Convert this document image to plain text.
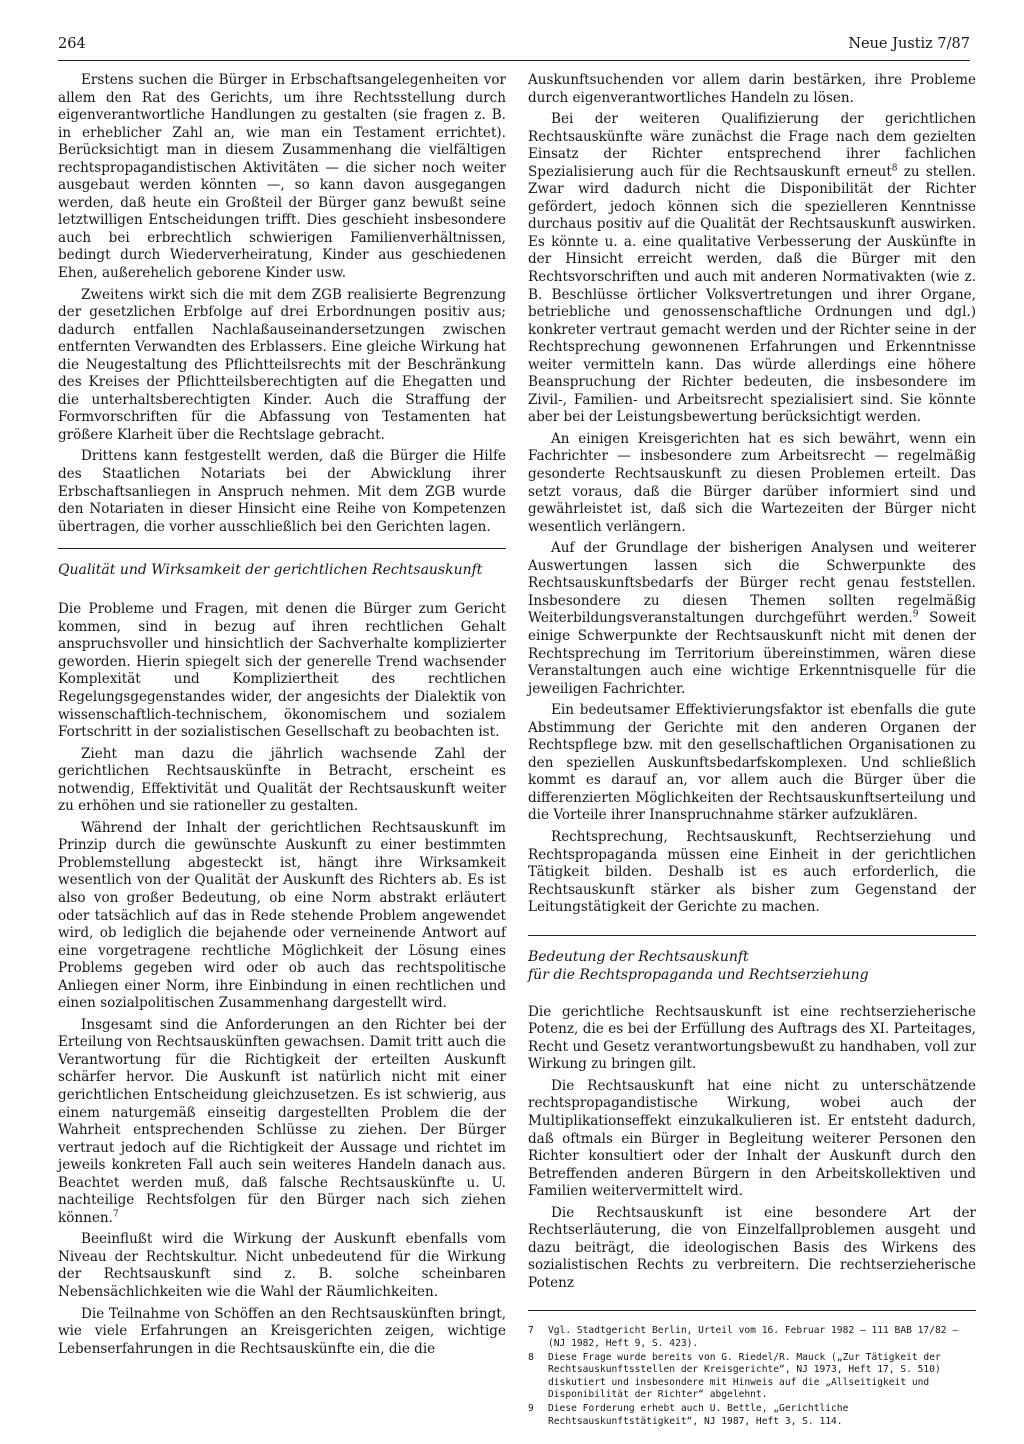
264	Neue Justiz 7/87

Erstens suchen die Bürger in Erbschaftsangelegenheiten vor allem den Rat des Gerichts, um ihre Rechtsstellung durch eigenverantwortliche Handlungen zu gestalten (sie fragen z. B. in erheblicher Zahl an, wie man ein Testament errichtet). Berücksichtigt man in diesem Zusammenhang die vielfältigen rechtspropagandistischen Aktivitäten — die sicher noch weiter ausgebaut werden könnten —, so kann davon ausgegangen werden, daß heute ein Großteil der Bürger ganz bewußt seine letztwilligen Entscheidungen trifft. Dies geschieht insbesondere auch bei erbrechtlich schwierigen Familienverhältnissen, bedingt durch Wiederverheiratung, Kinder aus geschiedenen Ehen, außerehelich geborene Kinder usw.

Zweitens wirkt sich die mit dem ZGB realisierte Begrenzung der gesetzlichen Erbfolge auf drei Erbordnungen positiv aus; dadurch entfallen Nachlaßauseinandersetzungen zwischen entfernten Verwandten des Erblassers. Eine gleiche Wirkung hat die Neugestaltung des Pflichtteilsrechts mit der Beschränkung des Kreises der Pflichtteilsberechtigten auf die Ehegatten und die unterhaltsberechtigten Kinder. Auch die Straffung der Formvorschriften für die Abfassung von Testamenten hat größere Klarheit über die Rechtslage gebracht.

Drittens kann festgestellt werden, daß die Bürger die Hilfe des Staatlichen Notariats bei der Abwicklung ihrer Erbschaftsanliegen in Anspruch nehmen. Mit dem ZGB wurde den Notariaten in dieser Hinsicht eine Reihe von Kompetenzen übertragen, die vorher ausschließlich bei den Gerichten lagen.

Qualität und Wirksamkeit der gerichtlichen Rechtsauskunft

Die Probleme und Fragen, mit denen die Bürger zum Gericht kommen, sind in bezug auf ihren rechtlichen Gehalt anspruchsvoller und hinsichtlich der Sachverhalte komplizierter geworden. Hierin spiegelt sich der generelle Trend wachsender Komplexität und Kompliziertheit des rechtlichen Regelungsgegenstandes wider, der angesichts der Dialektik von wissenschaftlich-technischem, ökonomischem und sozialem Fortschritt in der sozialistischen Gesellschaft zu beobachten ist.

Zieht man dazu die jährlich wachsende Zahl der gerichtlichen Rechtsauskünfte in Betracht, erscheint es notwendig, Effektivität und Qualität der Rechtsauskunft weiter zu erhöhen und sie rationeller zu gestalten.

Während der Inhalt der gerichtlichen Rechtsauskunft im Prinzip durch die gewünschte Auskunft zu einer bestimmten Problemstellung abgesteckt ist, hängt ihre Wirksamkeit wesentlich von der Qualität der Auskunft des Richters ab. Es ist also von großer Bedeutung, ob eine Norm abstrakt erläutert oder tatsächlich auf das in Rede stehende Problem angewendet wird, ob lediglich die bejahende oder verneinende Antwort auf eine vorgetragene rechtliche Möglichkeit der Lösung eines Problems gegeben wird oder ob auch das rechtspolitische Anliegen einer Norm, ihre Einbindung in einen rechtlichen und einen sozialpolitischen Zusammenhang dargestellt wird.

Insgesamt sind die Anforderungen an den Richter bei der Erteilung von Rechtsauskünften gewachsen. Damit tritt auch die Verantwortung für die Richtigkeit der erteilten Auskunft schärfer hervor. Die Auskunft ist natürlich nicht mit einer gerichtlichen Entscheidung gleichzusetzen. Es ist schwierig, aus einem naturgemäß einseitig dargestellten Problem die der Wahrheit entsprechenden Schlüsse zu ziehen. Der Bürger vertraut jedoch auf die Richtigkeit der Aussage und richtet im jeweils konkreten Fall auch sein weiteres Handeln danach aus. Beachtet werden muß, daß falsche Rechtsauskünfte u. U. nachteilige Rechtsfolgen für den Bürger nach sich ziehen können.$^7$

Beeinflußt wird die Wirkung der Auskunft ebenfalls vom Niveau der Rechtskultur. Nicht unbedeutend für die Wirkung der Rechtsauskunft sind z. B. solche scheinbaren Nebensächlichkeiten wie die Wahl der Räumlichkeiten.

Die Teilnahme von Schöffen an den Rechtsauskünften bringt, wie viele Erfahrungen an Kreisgerichten zeigen, wichtige Lebenserfahrungen in die Rechtsauskünfte ein, die die

Auskunftsuchenden vor allem darin bestärken, ihre Probleme durch eigenverantwortliches Handeln zu lösen.

Bei der weiteren Qualifizierung der gerichtlichen Rechtsauskünfte wäre zunächst die Frage nach dem gezielten Einsatz der Richter entsprechend ihrer fachlichen Spezialisierung auch für die Rechtsauskunft erneut$^8$ zu stellen. Zwar wird dadurch nicht die Disponibilität der Richter gefördert, jedoch können sich die spezielleren Kenntnisse durchaus positiv auf die Qualität der Rechtsauskunft auswirken. Es könnte u. a. eine qualitative Verbesserung der Auskünfte in der Hinsicht erreicht werden, daß die Bürger mit den Rechtsvorschriften und auch mit anderen Normativakten (wie z. B. Beschlüsse örtlicher Volksvertretungen und ihrer Organe, betriebliche und genossenschaftliche Ordnungen und dgl.) konkreter vertraut gemacht werden und der Richter seine in der Rechtsprechung gewonnenen Erfahrungen und Erkenntnisse weiter vermitteln kann. Das würde allerdings eine höhere Beanspruchung der Richter bedeuten, die insbesondere im Zivil-, Familien- und Arbeitsrecht spezialisiert sind. Sie könnte aber bei der Leistungsbewertung berücksichtigt werden.

An einigen Kreisgerichten hat es sich bewährt, wenn ein Fachrichter — insbesondere zum Arbeitsrecht — regelmäßig gesonderte Rechtsauskunft zu diesen Problemen erteilt. Das setzt voraus, daß die Bürger darüber informiert sind und gewährleistet ist, daß sich die Wartezeiten der Bürger nicht wesentlich verlängern.

Auf der Grundlage der bisherigen Analysen und weiterer Auswertungen lassen sich die Schwerpunkte des Rechtsauskunftsbedarfs der Bürger recht genau feststellen. Insbesondere zu diesen Themen sollten regelmäßig Weiterbildungsveranstaltungen durchgeführt werden.$^9$ Soweit einige Schwerpunkte der Rechtsauskunft nicht mit denen der Rechtsprechung im Territorium übereinstimmen, wären diese Veranstaltungen auch eine wichtige Erkenntnisquelle für die jeweiligen Fachrichter.

Ein bedeutsamer Effektivierungsfaktor ist ebenfalls die gute Abstimmung der Gerichte mit den anderen Organen der Rechtspflege bzw. mit den gesellschaftlichen Organisationen zu den speziellen Auskunftsbedarfskomplexen. Und schließlich kommt es darauf an, vor allem auch die Bürger über die differenzierten Möglichkeiten der Rechtsauskunftserteilung und die Vorteile ihrer Inanspruchnahme stärker aufzuklären.

Rechtsprechung, Rechtsauskunft, Rechtserziehung und Rechtspropaganda müssen eine Einheit in der gerichtlichen Tätigkeit bilden. Deshalb ist es auch erforderlich, die Rechtsauskunft stärker als bisher zum Gegenstand der Leitungstätigkeit der Gerichte zu machen.

Bedeutung der Rechtsauskunft
für die Rechtspropaganda und Rechtserziehung

Die gerichtliche Rechtsauskunft ist eine rechtserzieherische Potenz, die es bei der Erfüllung des Auftrags des XI. Parteitages, Recht und Gesetz verantwortungsbewußt zu handhaben, voll zur Wirkung zu bringen gilt.

Die Rechtsauskunft hat eine nicht zu unterschätzende rechtspropagandistische Wirkung, wobei auch der Multiplikationseffekt einzukalkulieren ist. Er entsteht dadurch, daß oftmals ein Bürger in Begleitung weiterer Personen den Richter konsultiert oder der Inhalt der Auskunft durch den Betreffenden anderen Bürgern in den Arbeitskollektiven und Familien weitervermittelt wird.

Die Rechtsauskunft ist eine besondere Art der Rechtserläuterung, die von Einzelfallproblemen ausgeht und dazu beiträgt, die ideologischen Basis des Wirkens des sozialistischen Rechts zu verbreitern. Die rechtserzieherische Potenz

7	Vgl. Stadtgericht Berlin, Urteil vom 16. Februar 1982 — 111 BAB 17/82 — (NJ 1982, Heft 9, S. 423).
8	Diese Frage wurde bereits von G. Riedel/R. Mauck („Zur Tätigkeit der Rechtsauskunftsstellen der Kreisgerichte“, NJ 1973, Heft 17, S. 510) diskutiert und insbesondere mit Hinweis auf die „Allseitigkeit und Disponibilität der Richter“ abgelehnt.
9	Diese Forderung erhebt auch U. Bettle, „Gerichtliche Rechtsauskunftstätigkeit“, NJ 1987, Heft 3, S. 114.
